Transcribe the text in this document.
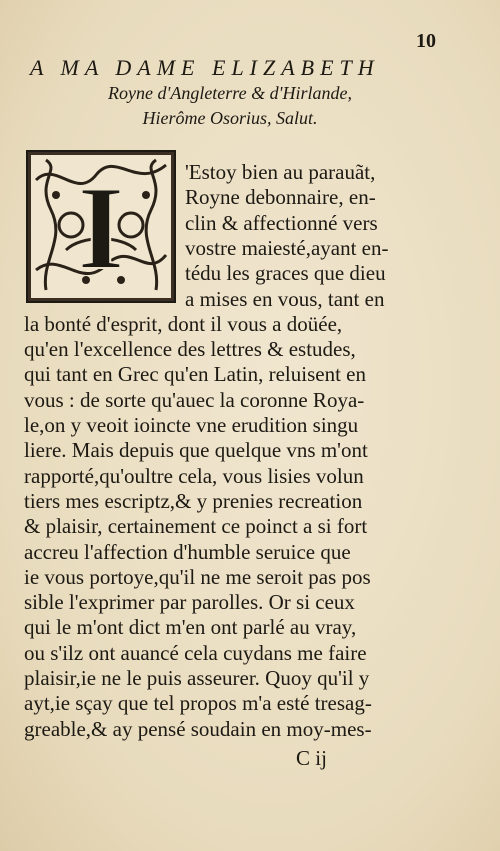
10
A MA DAME ELIZABETH
Royne d'Angleterre & d'Hirlande,
Hierôme Osorius, Salut.
I	'Estoy bien au parauãt,
Royne debonnaire, en-
clin & affectionné vers
vostre maiesté,ayant en-
tédu les graces que dieu
a mises en vous, tant en
la bonté d'esprit, dont il vous a doüée,
qu'en l'excellence des lettres & estudes,
qui tant en Grec qu'en Latin, reluisent en
vous : de sorte qu'auec la coronne Roya-
le,on y veoit ioincte vne erudition singu
liere. Mais depuis que quelque vns m'ont
rapporté,qu'oultre cela, vous lisies volun
tiers mes escriptz,& y prenies recreation
& plaisir, certainement ce poinct a si fort
accreu l'affection d'humble seruice que
ie vous portoye,qu'il ne me seroit pas pos
sible l'exprimer par parolles. Or si ceux
qui le m'ont dict m'en ont parlé au vray,
ou s'ilz ont auancé cela cuydans me faire
plaisir,ie ne le puis asseurer. Quoy qu'il y
ayt,ie sçay que tel propos m'a esté tresag-
greable,& ay pensé soudain en moy-mes-
C ij
